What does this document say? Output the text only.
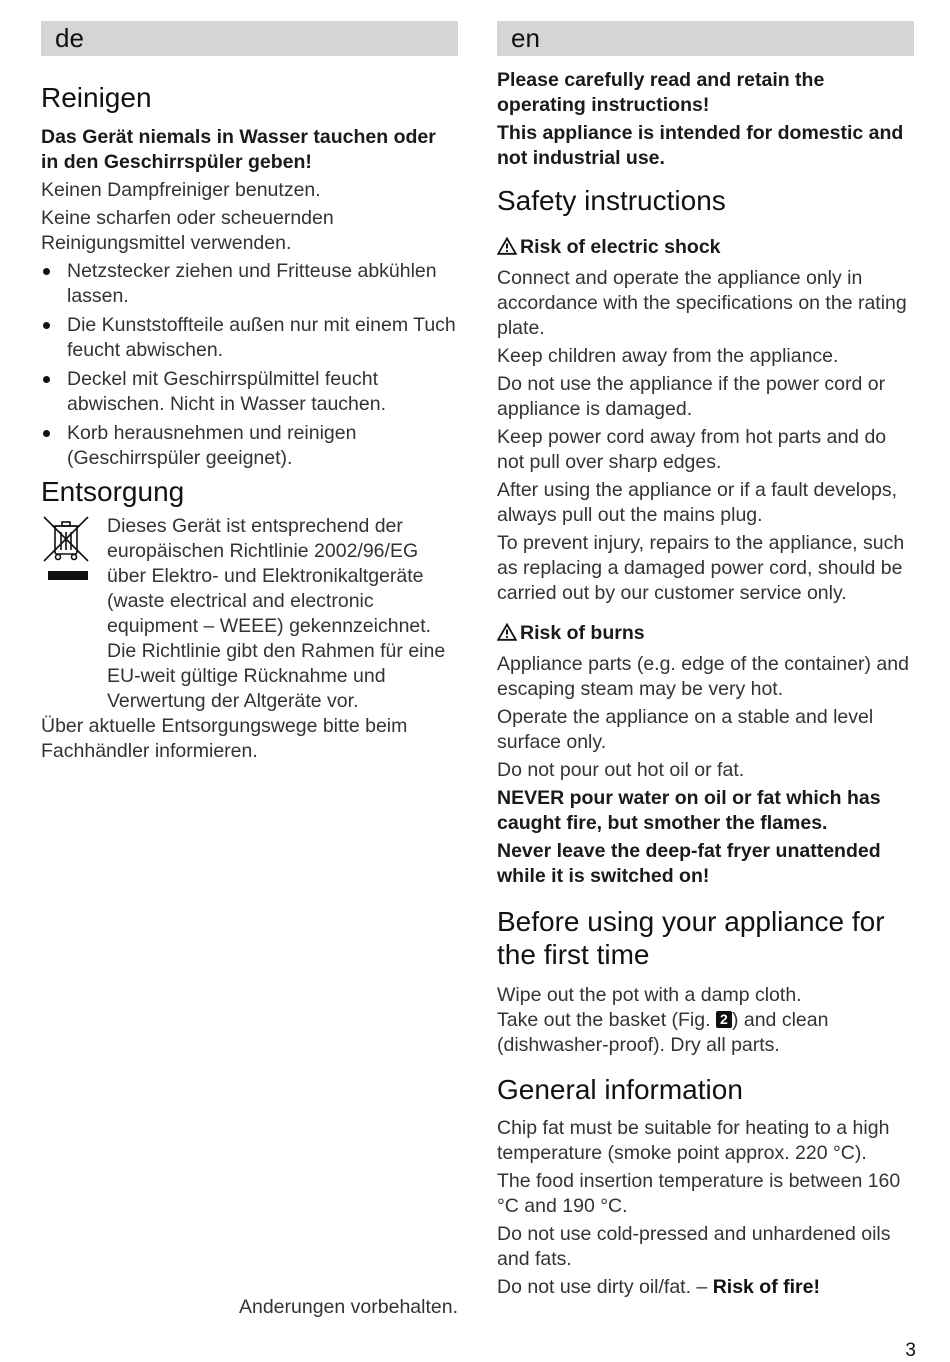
de
Reinigen

Das Gerät niemals in Wasser tauchen oder in den Geschirrspüler geben!

Keinen Dampfreiniger benutzen.

Keine scharfen oder scheuernden Reinigungsmittel verwenden.

Netzstecker ziehen und Fritteuse abkühlen lassen.
Die Kunststoffteile außen nur mit einem Tuch feucht abwischen.
Deckel mit Geschirrspülmittel feucht abwischen. Nicht in Wasser tauchen.
Korb herausnehmen und reinigen (Geschirrspüler geeignet).
Entsorgung

Dieses Gerät ist entsprechend der europäischen Richtlinie 2002/96/EG über Elektro- und Elektronikaltgeräte (waste electrical and electronic equipment – WEEE) gekennzeichnet. Die Richtlinie gibt den Rahmen für eine EU-weit gültige Rücknahme und Verwertung der Altgeräte vor.

Über aktuelle Entsorgungswege bitte beim Fachhändler informieren.

Anderungen vorbehalten.
en

Please carefully read and retain the operating instructions!

This appliance is intended for domestic and not industrial use.

Safety instructions
Risk of electric shock

Connect and operate the appliance only in accordance with the specifications on the rating plate.

Keep children away from the appliance.

Do not use the appliance if the power cord or appliance is damaged.

Keep power cord away from hot parts and do not pull over sharp edges.

After using the appliance or if a fault develops, always pull out the mains plug.

To prevent injury, repairs to the appliance, such as replacing a damaged power cord, should be carried out by our customer service only.

Risk of burns

Appliance parts (e.g. edge of the container) and escaping steam may be very hot.

Operate the appliance on a stable and level surface only.

Do not pour out hot oil or fat.

NEVER pour water on oil or fat which has caught fire, but smother the flames.

Never leave the deep-fat fryer unattended while it is switched on!

Before using your appliance for the first time

Wipe out the pot with a damp cloth.

Take out the basket (Fig. 2 ) and clean (dishwasher-proof). Dry all parts.

General information

Chip fat must be suitable for heating to a high temperature (smoke point approx. 220 °C).

The food insertion temperature is between 160 °C and 190 °C.

Do not use cold-pressed and unhardened oils and fats.

Do not use dirty oil/fat. – Risk of fire!

3
